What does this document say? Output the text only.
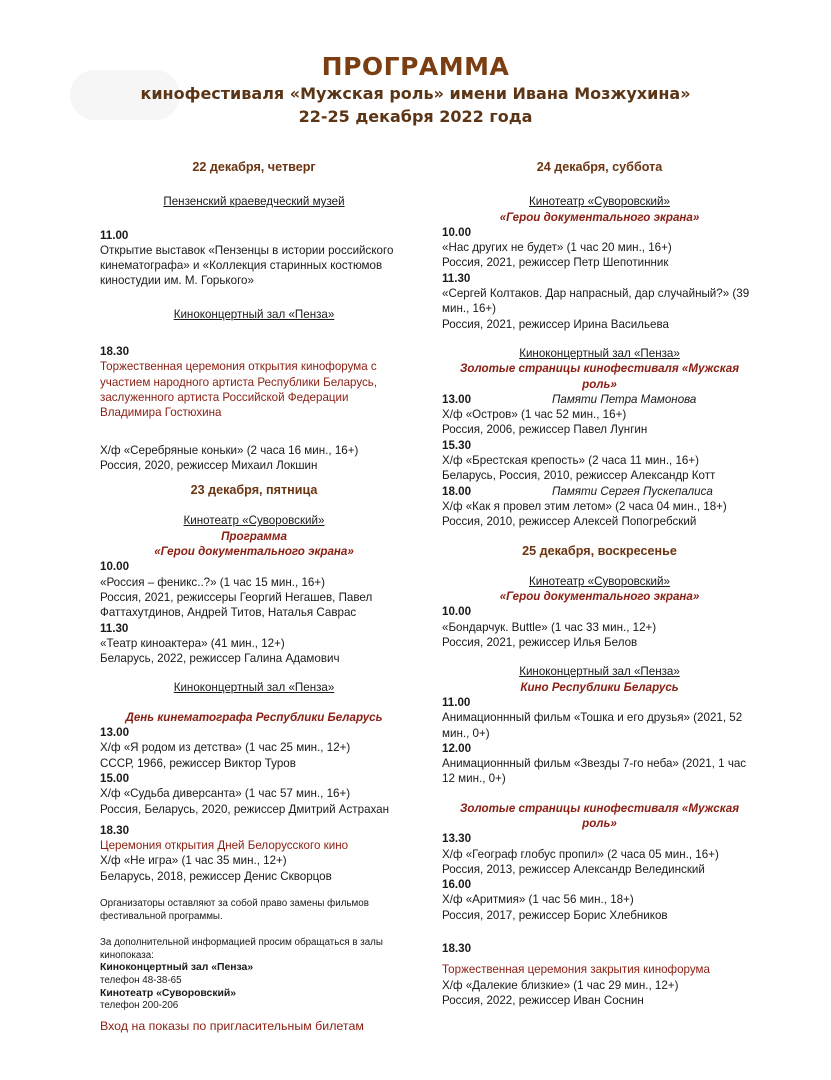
ПРОГРАММА
кинофестиваля «Мужская роль» имени Ивана Мозжухина»
22-25 декабря 2022 года
22 декабря, четверг
Пензенский краеведческий музей
11.00
Открытие выставок «Пензенцы в истории российского кинематографа» и «Коллекция старинных костюмов киностудии им. М. Горького»
Киноконцертный зал «Пенза»
18.30
Торжественная церемония открытия кинофорума с участием народного артиста Республики Беларусь, заслуженного артиста Российской Федерации Владимира Гостюхина
Х/ф «Серебряные коньки» (2 часа 16 мин., 16+)
Россия, 2020, режиссер Михаил Локшин
23 декабря, пятница
Кинотеатр «Суворовский»
Программа
«Герои документального экрана»
10.00
«Россия – феникс..?» (1 час 15 мин., 16+)
Россия, 2021, режиссеры Георгий Негашев, Павел Фаттахутдинов, Андрей Титов, Наталья Саврас
11.30
«Театр киноактера» (41 мин., 12+)
Беларусь, 2022, режиссер Галина Адамович
Киноконцертный зал «Пенза»
День кинематографа Республики Беларусь
13.00
Х/ф «Я родом из детства» (1 час 25 мин., 12+)
СССР, 1966, режиссер Виктор Туров
15.00
Х/ф «Судьба диверсанта» (1 час 57 мин., 16+)
Россия, Беларусь, 2020, режиссер Дмитрий Астрахан
18.30
Церемония открытия Дней Белорусского кино
Х/ф «Не игра» (1 час 35 мин., 12+)
Беларусь, 2018, режиссер Денис Скворцов
Организаторы оставляют за собой право замены фильмов фестивальной программы.
За дополнительной информацией просим обращаться в залы кинопоказа:
Киноконцертный зал «Пенза»
телефон 48-38-65
Кинотеатр «Суворовский»
телефон 200-206
Вход на показы по пригласительным билетам
24 декабря, суббота
Кинотеатр «Суворовский»
«Герои документального экрана»
10.00
«Нас других не будет» (1 час 20 мин., 16+)
Россия, 2021, режиссер Петр Шепотинник
11.30
«Сергей Колтаков. Дар напрасный, дар случайный?» (39 мин., 16+)
Россия, 2021, режиссер Ирина Васильева
Киноконцертный зал «Пенза»
Золотые страницы кинофестиваля «Мужская роль»
13.00	Памяти Петра Мамонова
Х/ф «Остров» (1 час 52 мин., 16+)
Россия, 2006, режиссер Павел Лунгин
15.30
Х/ф «Брестская крепость» (2 часа 11 мин., 16+)
Беларусь, Россия, 2010, режиссер Александр Котт
18.00	Памяти Сергея Пускепалиса
Х/ф «Как я провел этим летом» (2 часа 04 мин., 18+)
Россия, 2010, режиссер Алексей Попогребский
25 декабря, воскресенье
Кинотеатр «Суворовский»
«Герои документального экрана»
10.00
«Бондарчук. Buttle» (1 час 33 мин., 12+)
Россия, 2021, режиссер Илья Белов
Киноконцертный зал «Пенза»
Кино Республики Беларусь
11.00
Анимационнный фильм «Тошка и его друзья» (2021, 52 мин., 0+)
12.00
Анимационнный фильм «Звезды 7-го неба» (2021, 1 час 12 мин., 0+)
Золотые страницы кинофестиваля «Мужская роль»
13.30
Х/ф «Географ глобус пропил» (2 часа 05 мин., 16+)
Россия, 2013, режиссер Александр Велединский
16.00
Х/ф «Аритмия» (1 час 56 мин., 18+)
Россия, 2017, режиссер Борис Хлебников
18.30
Торжественная церемония закрытия кинофорума
Х/ф «Далекие близкие» (1 час 29 мин., 12+)
Россия, 2022, режиссер Иван Соснин
